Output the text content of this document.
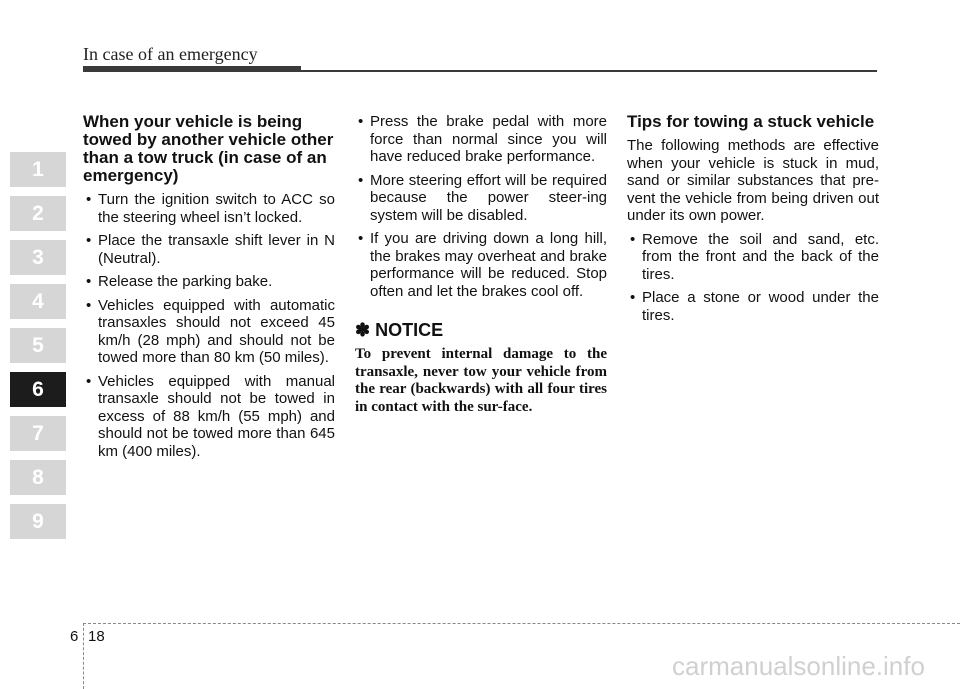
In case of an emergency
1
2
3
4
5
6
7
8
9
When your vehicle is being towed by another vehicle other than a tow truck (in case of an emergency)
• Turn the ignition switch to ACC so the steering wheel isn’t locked.
• Place the transaxle shift lever in N (Neutral).
• Release the parking bake.
• Vehicles equipped with automatic transaxles should not exceed 45 km/h (28 mph) and should not be towed more than 80 km (50 miles).
• Vehicles equipped with manual transaxle should not be towed in excess of 88 km/h (55 mph) and should not be towed more than 645 km (400 miles).
• Press the brake pedal with more force than normal since you will have reduced brake performance.
• More steering effort will be required because the power steer-ing system will be disabled.
• If you are driving down a long hill, the brakes may overheat and brake performance will be reduced. Stop often and let the brakes cool off.
✽ NOTICE
To prevent internal damage to the transaxle, never tow your vehicle from the rear (backwards) with all four tires in contact with the sur-face.
Tips for towing a stuck vehicle

The following methods are effective when your vehicle is stuck in mud, sand or similar substances that pre-vent the vehicle from being driven out under its own power.

• Remove the soil and sand, etc. from the front and the back of the tires.
• Place a stone or wood under the tires.
6 18
carmanualsonline.info
